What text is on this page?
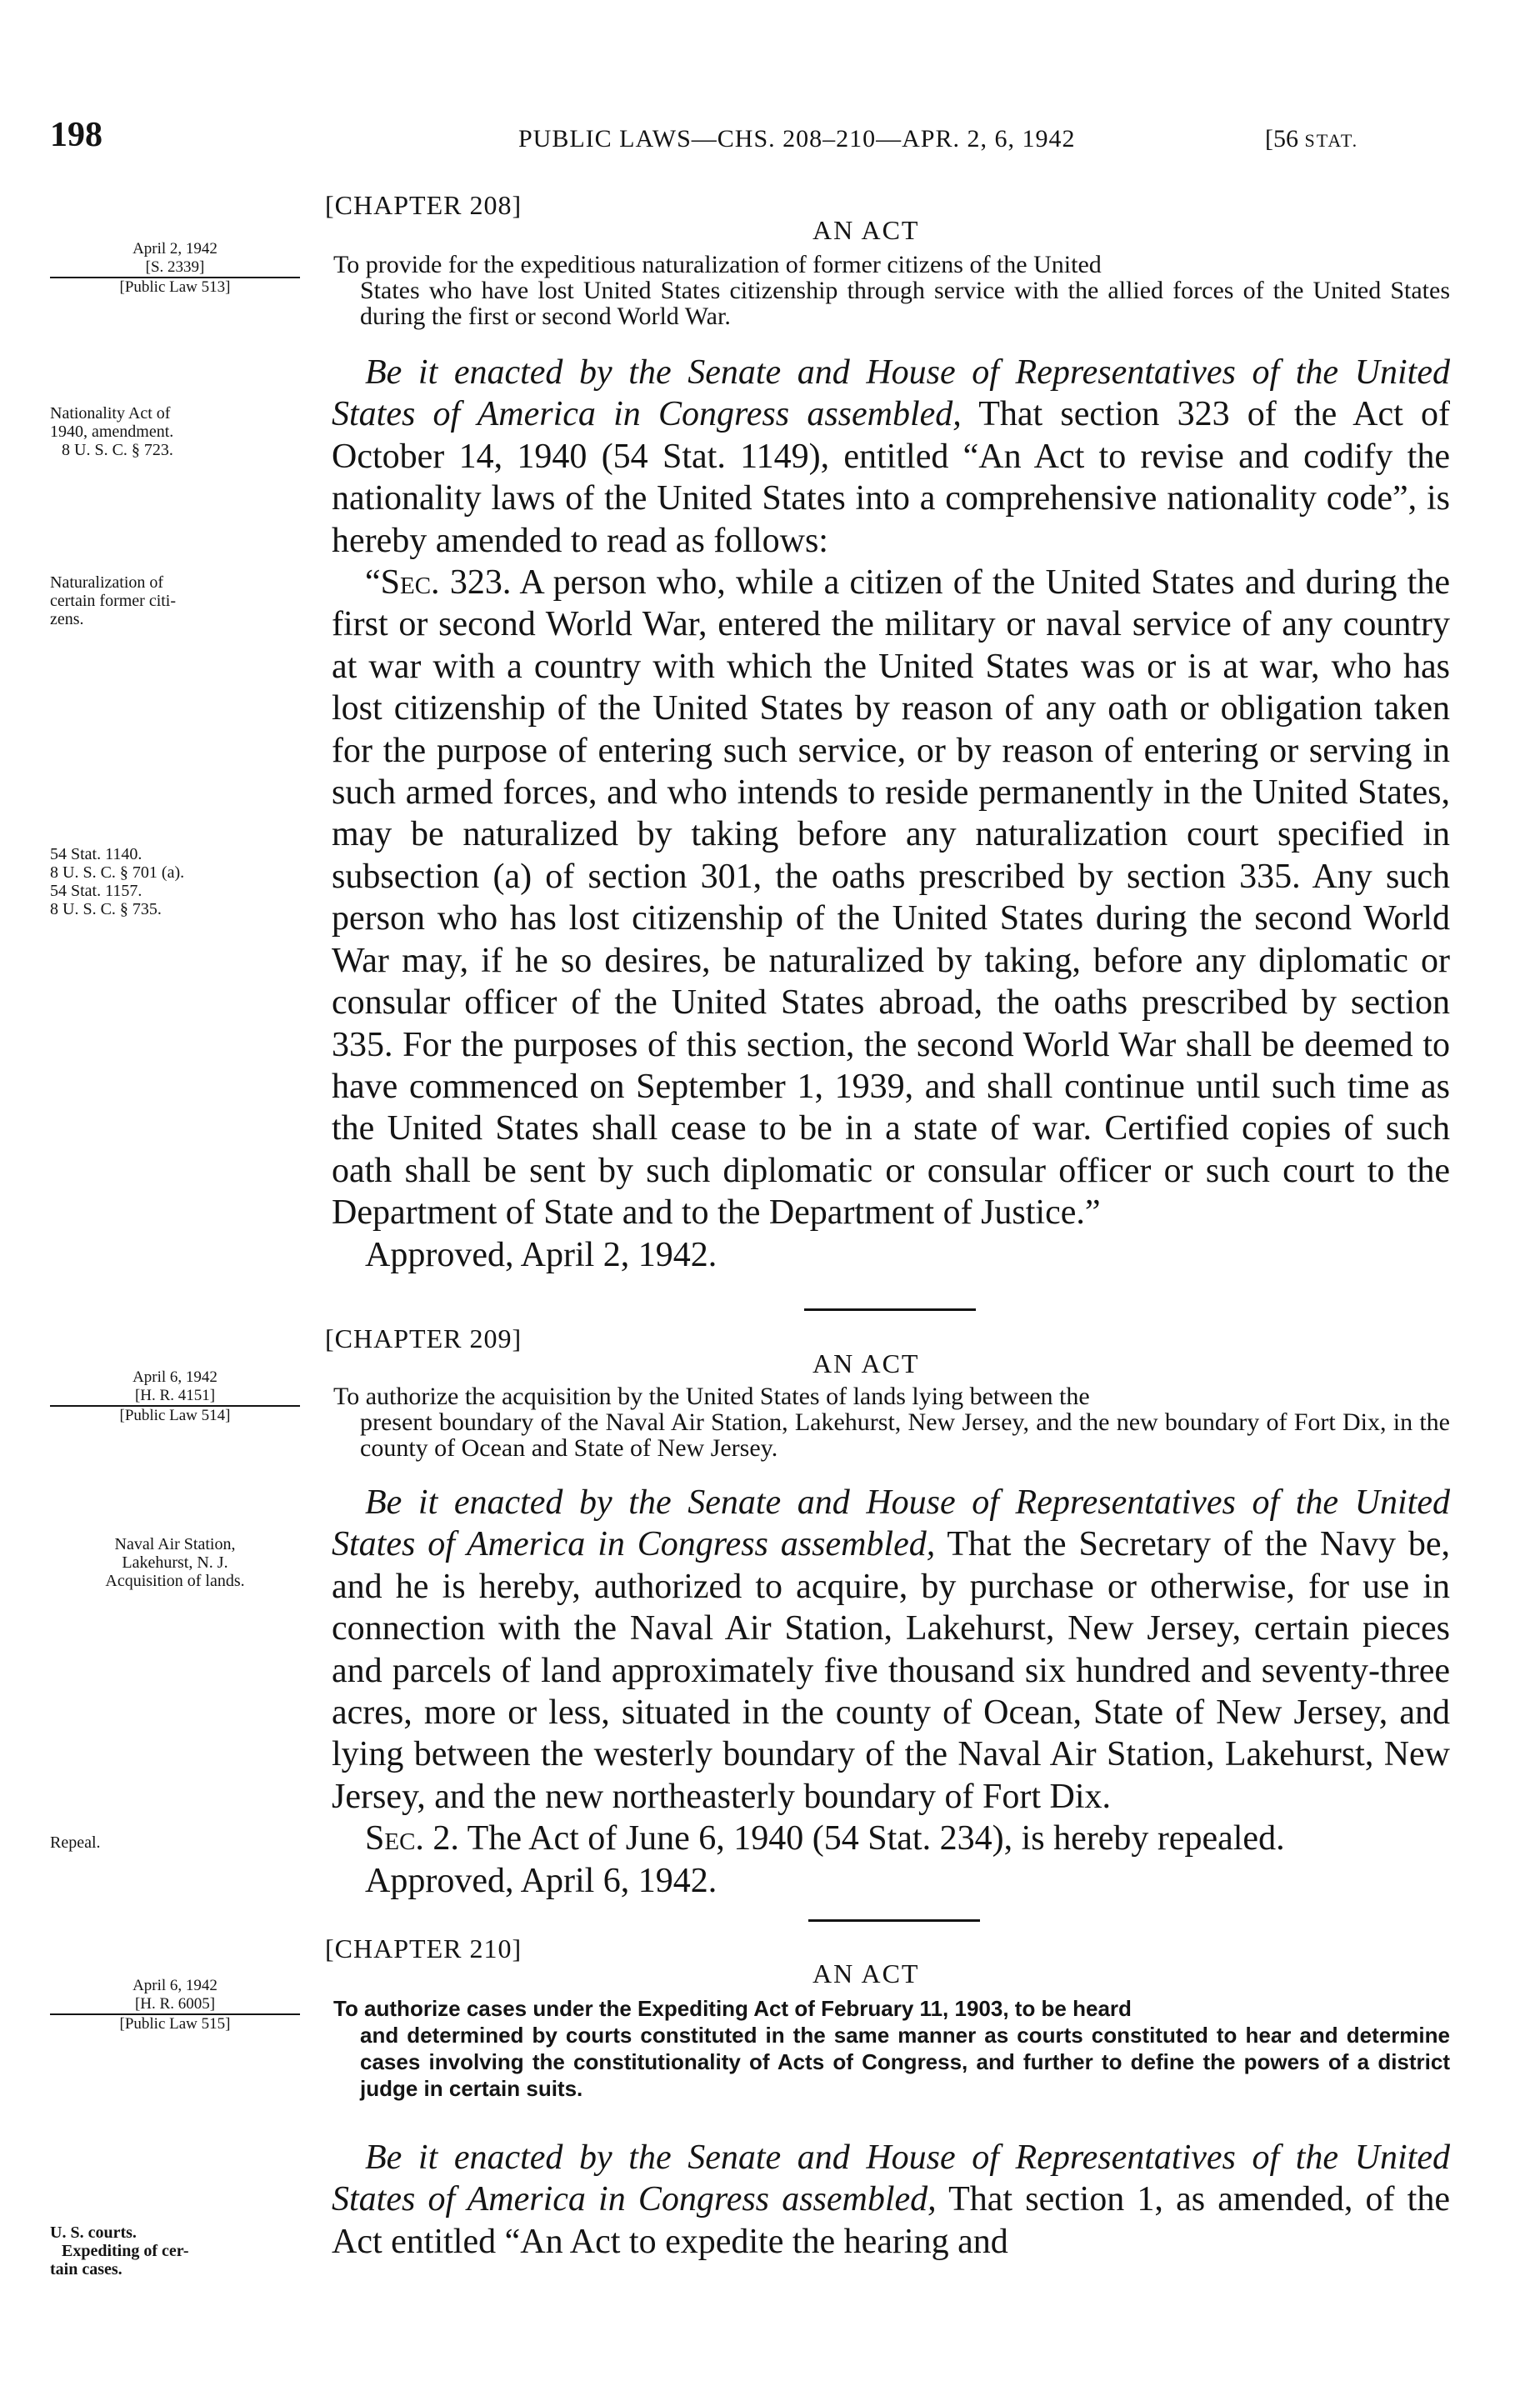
198	PUBLIC LAWS—CHS. 208–210—APR. 2, 6, 1942	[56 STAT.
[CHAPTER 208]
AN ACT
April 2, 1942
[S. 2339]
[Public Law 513]
To provide for the expeditious naturalization of former citizens of the United
States who have lost United States citizenship through service with the allied forces of the United States during the first or second World War.
Nationality Act of
1940, amendment.
8 U. S. C. § 723.
Naturalization of
certain former citi-
zens.
54 Stat. 1140.
8 U. S. C. § 701 (a).
54 Stat. 1157.
8 U. S. C. § 735.

Be it enacted by the Senate and House of Representatives of the United States of America in Congress assembled, That section 323 of the Act of October 14, 1940 (54 Stat. 1149), entitled “An Act to revise and codify the nationality laws of the United States into a comprehensive nationality code”, is hereby amended to read as follows:

“Sec. 323. A person who, while a citizen of the United States and during the first or second World War, entered the military or naval service of any country at war with a country with which the United States was or is at war, who has lost citizenship of the United States by reason of any oath or obligation taken for the purpose of entering such service, or by reason of entering or serving in such armed forces, and who intends to reside permanently in the United States, may be naturalized by taking before any naturalization court specified in subsection (a) of section 301, the oaths prescribed by section 335. Any such person who has lost citizenship of the United States during the second World War may, if he so desires, be naturalized by taking, before any diplomatic or consular officer of the United States abroad, the oaths prescribed by section 335. For the purposes of this section, the second World War shall be deemed to have commenced on September 1, 1939, and shall continue until such time as the United States shall cease to be in a state of war. Certified copies of such oath shall be sent by such diplomatic or consular officer or such court to the Department of State and to the Department of Justice.”

Approved, April 2, 1942.

[CHAPTER 209]
AN ACT
April 6, 1942
[H. R. 4151]
[Public Law 514]
To authorize the acquisition by the United States of lands lying between the
present boundary of the Naval Air Station, Lakehurst, New Jersey, and the new boundary of Fort Dix, in the county of Ocean and State of New Jersey.
Naval Air Station,
Lakehurst, N. J.
Acquisition of lands.
Repeal.

Be it enacted by the Senate and House of Representatives of the United States of America in Congress assembled, That the Secretary of the Navy be, and he is hereby, authorized to acquire, by purchase or otherwise, for use in connection with the Naval Air Station, Lakehurst, New Jersey, certain pieces and parcels of land approximately five thousand six hundred and seventy-three acres, more or less, situated in the county of Ocean, State of New Jersey, and lying between the westerly boundary of the Naval Air Station, Lakehurst, New Jersey, and the new northeasterly boundary of Fort Dix.

Sec. 2. The Act of June 6, 1940 (54 Stat. 234), is hereby repealed.

Approved, April 6, 1942.

[CHAPTER 210]
AN ACT
April 6, 1942
[H. R. 6005]
[Public Law 515]
To authorize cases under the Expediting Act of February 11, 1903, to be heard
and determined by courts constituted in the same manner as courts constituted to hear and determine cases involving the constitutionality of Acts of Congress, and further to define the powers of a district judge in certain suits.
U. S. courts.
Expediting of cer-
tain cases.

Be it enacted by the Senate and House of Representatives of the United States of America in Congress assembled, That section 1, as amended, of the Act entitled “An Act to expedite the hearing and
